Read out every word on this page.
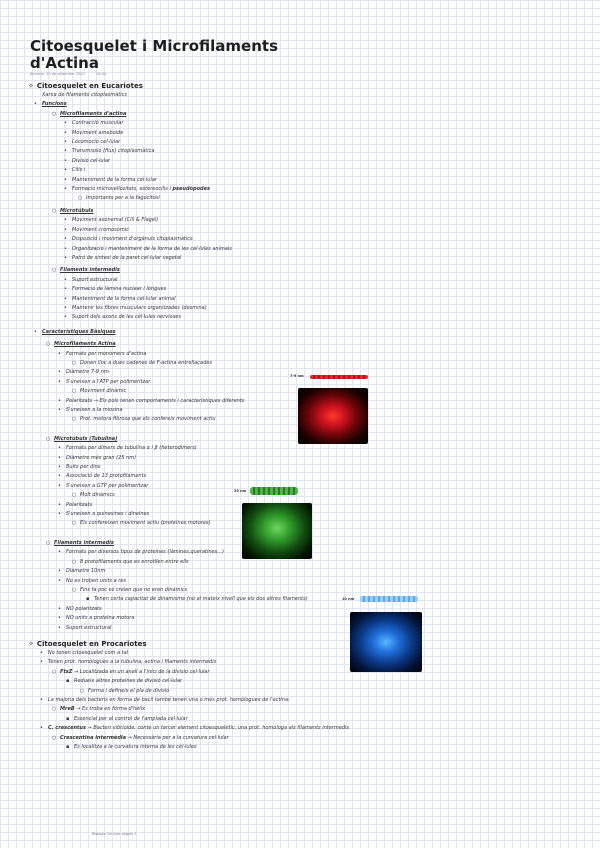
Citoesquelet i Microfilaments
d'Actina
dimarts, 10 de setembre 2020	16:00
✧ Citoesquelet en Eucariotes
Xarxa de filaments citoplasmàtics
• Funcions
○ Microfilaments d'actina
• Contracció muscular
• Moviment ameboide
• Locomoció cel·lular
• Transmissió (flux) citoplasmàtica
• Divisió cel·lular
• Cilis i
• Manteniment de la forma cel·lular
• Formació microvellositats, estereocilis i pseudòpodes
○ Importants per a la fagocitosi
○ Microtúbuls
• Moviment axonemal (Cili & Flagel)
• Moviment cromosòmic
• Disposició i moviment d'orgànuls citoplasmàtics
• Organització i manteniment de la forma de les cèl·lules animals
• Patró de síntesi de la paret cel·lular vegetal
○ Filaments intermedis
• Suport estructural
• Formació de làmina nuclear i lòrigues
• Manteniment de la forma cel·lular animal
• Mantenir les fibres musculars organitzades (desmina)
• Suport dels axons de les cèl·lules nervioses
• Característiques Bàsiques
○ Microfilaments Actina
• Formats per monòmers d'actina
○ Donen lloc a dues cadenes de F-actina entrellaçades
• Diàmetre 7-9 nm·
• S'uneixen a l'ATP per polimeritzar
○ Moviment dinàmic
• Polaritzats → Els pols tenen comportaments i característiques diferents
• S'uneixen a la miosina
○ Prot. motora fibrosa que els confereix moviment actiu
○ Microtúbuls (Tubulina)
• Formats per dímers de tubulina α i β (heterodímers)
• Diàmetre més gran (25 nm)
• Buits per dins
• Associació de 13 protofilaments
• S'uneixen a GTP per polimeritzar
○ Molt dinàmics
• Polaritzats
• S'uneixen a quinesines i dineïnes
○ Els confereixen moviment actiu (proteïnes motores)
○ Filaments intermedis
• Formats per diversos tipus de proteïnes (làmines,queratines...)
○ 8 protofilaments que es enrotllen entre ells
• Diàmetre 10nm
• No es troben units a res
○ Fins fa poc es creien que no eren dinàmics
▪ Tenen certa capacitat de dinamisme (no al mateix nivell que els dos altres filaments)
• NO polaritzats
• NO units a proteïna motora
• Suport estructural
✧ Citoesquelet en Procariotes
• No tenen citoesquelet com a tal
• Tenen prot. homòlogues a la tubulina, actina i filaments intermedis
○ FtsZ → Localitzada en un anell a l'inici de la divisió cel·lular
▪ Redueix altres proteïnes de divisió cel·lular
○ Forma i defineix el pla de divisió·
• La majoria dels bacteris en forma de bacil també tenen una o més prot. homòlogues de l'actina:
○ MreB → Es troba en forma d'hèlix
▪ Essencial per al control de l'amplada cel·lular
• C. crescentus → Bacteri vibrioide, conté un tercer element citoesquelètic, una prot. homòloga als filaments intermedis
○ Crescentina intermèdia → Necessària per a la curvatura cel·lular
▪ Es localitza a la curvatura interna de les cèl·lules
7-9 nm
25 nm
10 nm
Biologia Cel·lular pàgina 1
